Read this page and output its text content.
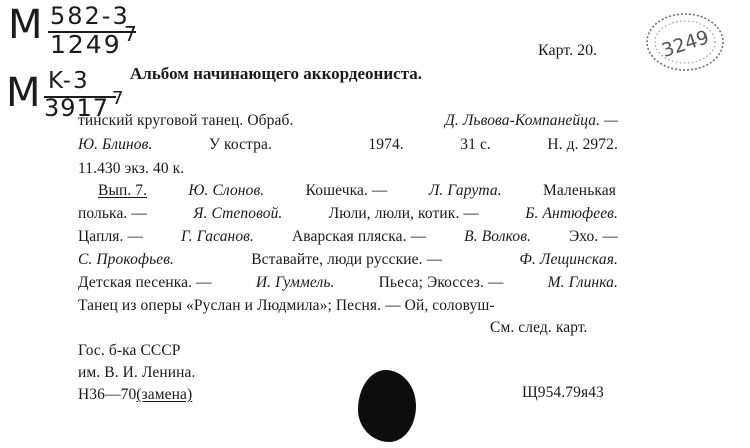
M 582-3
1249 7
M K-3
3917 7
3249
Карт. 20.
Альбом начинающего аккордеониста.
тинский круговой танец. Обраб.	Д. Львова-Компанейца. —
Ю. Блинов.	У костра.	1974.	31 с.	Н. д. 2972.
11.430 экз. 40 к.
Вып. 7.	Ю. Слонов.	Кошечка. —	Л. Гарута.	Маленькая
полька. —	Я. Степовой.	Люли, люли, котик. —	Б. Антюфеев.
Цапля. — Г. Гасанов. Аварская пляска. — В. Волков. Эхо. —
С. Прокофьев.	Вставайте, люди русские. —	Ф. Лещинская.
Детская песенка. —	И. Гуммель.	Пьеса; Экоссез. —	М. Глинка.
Танец из оперы «Руслан и Людмила»; Песня. — Ой, соловуш-
См. след. карт.
Гос. б-ка СССР
им. В. И. Ленина.
Н36—70(замена)	Щ954.79я43
